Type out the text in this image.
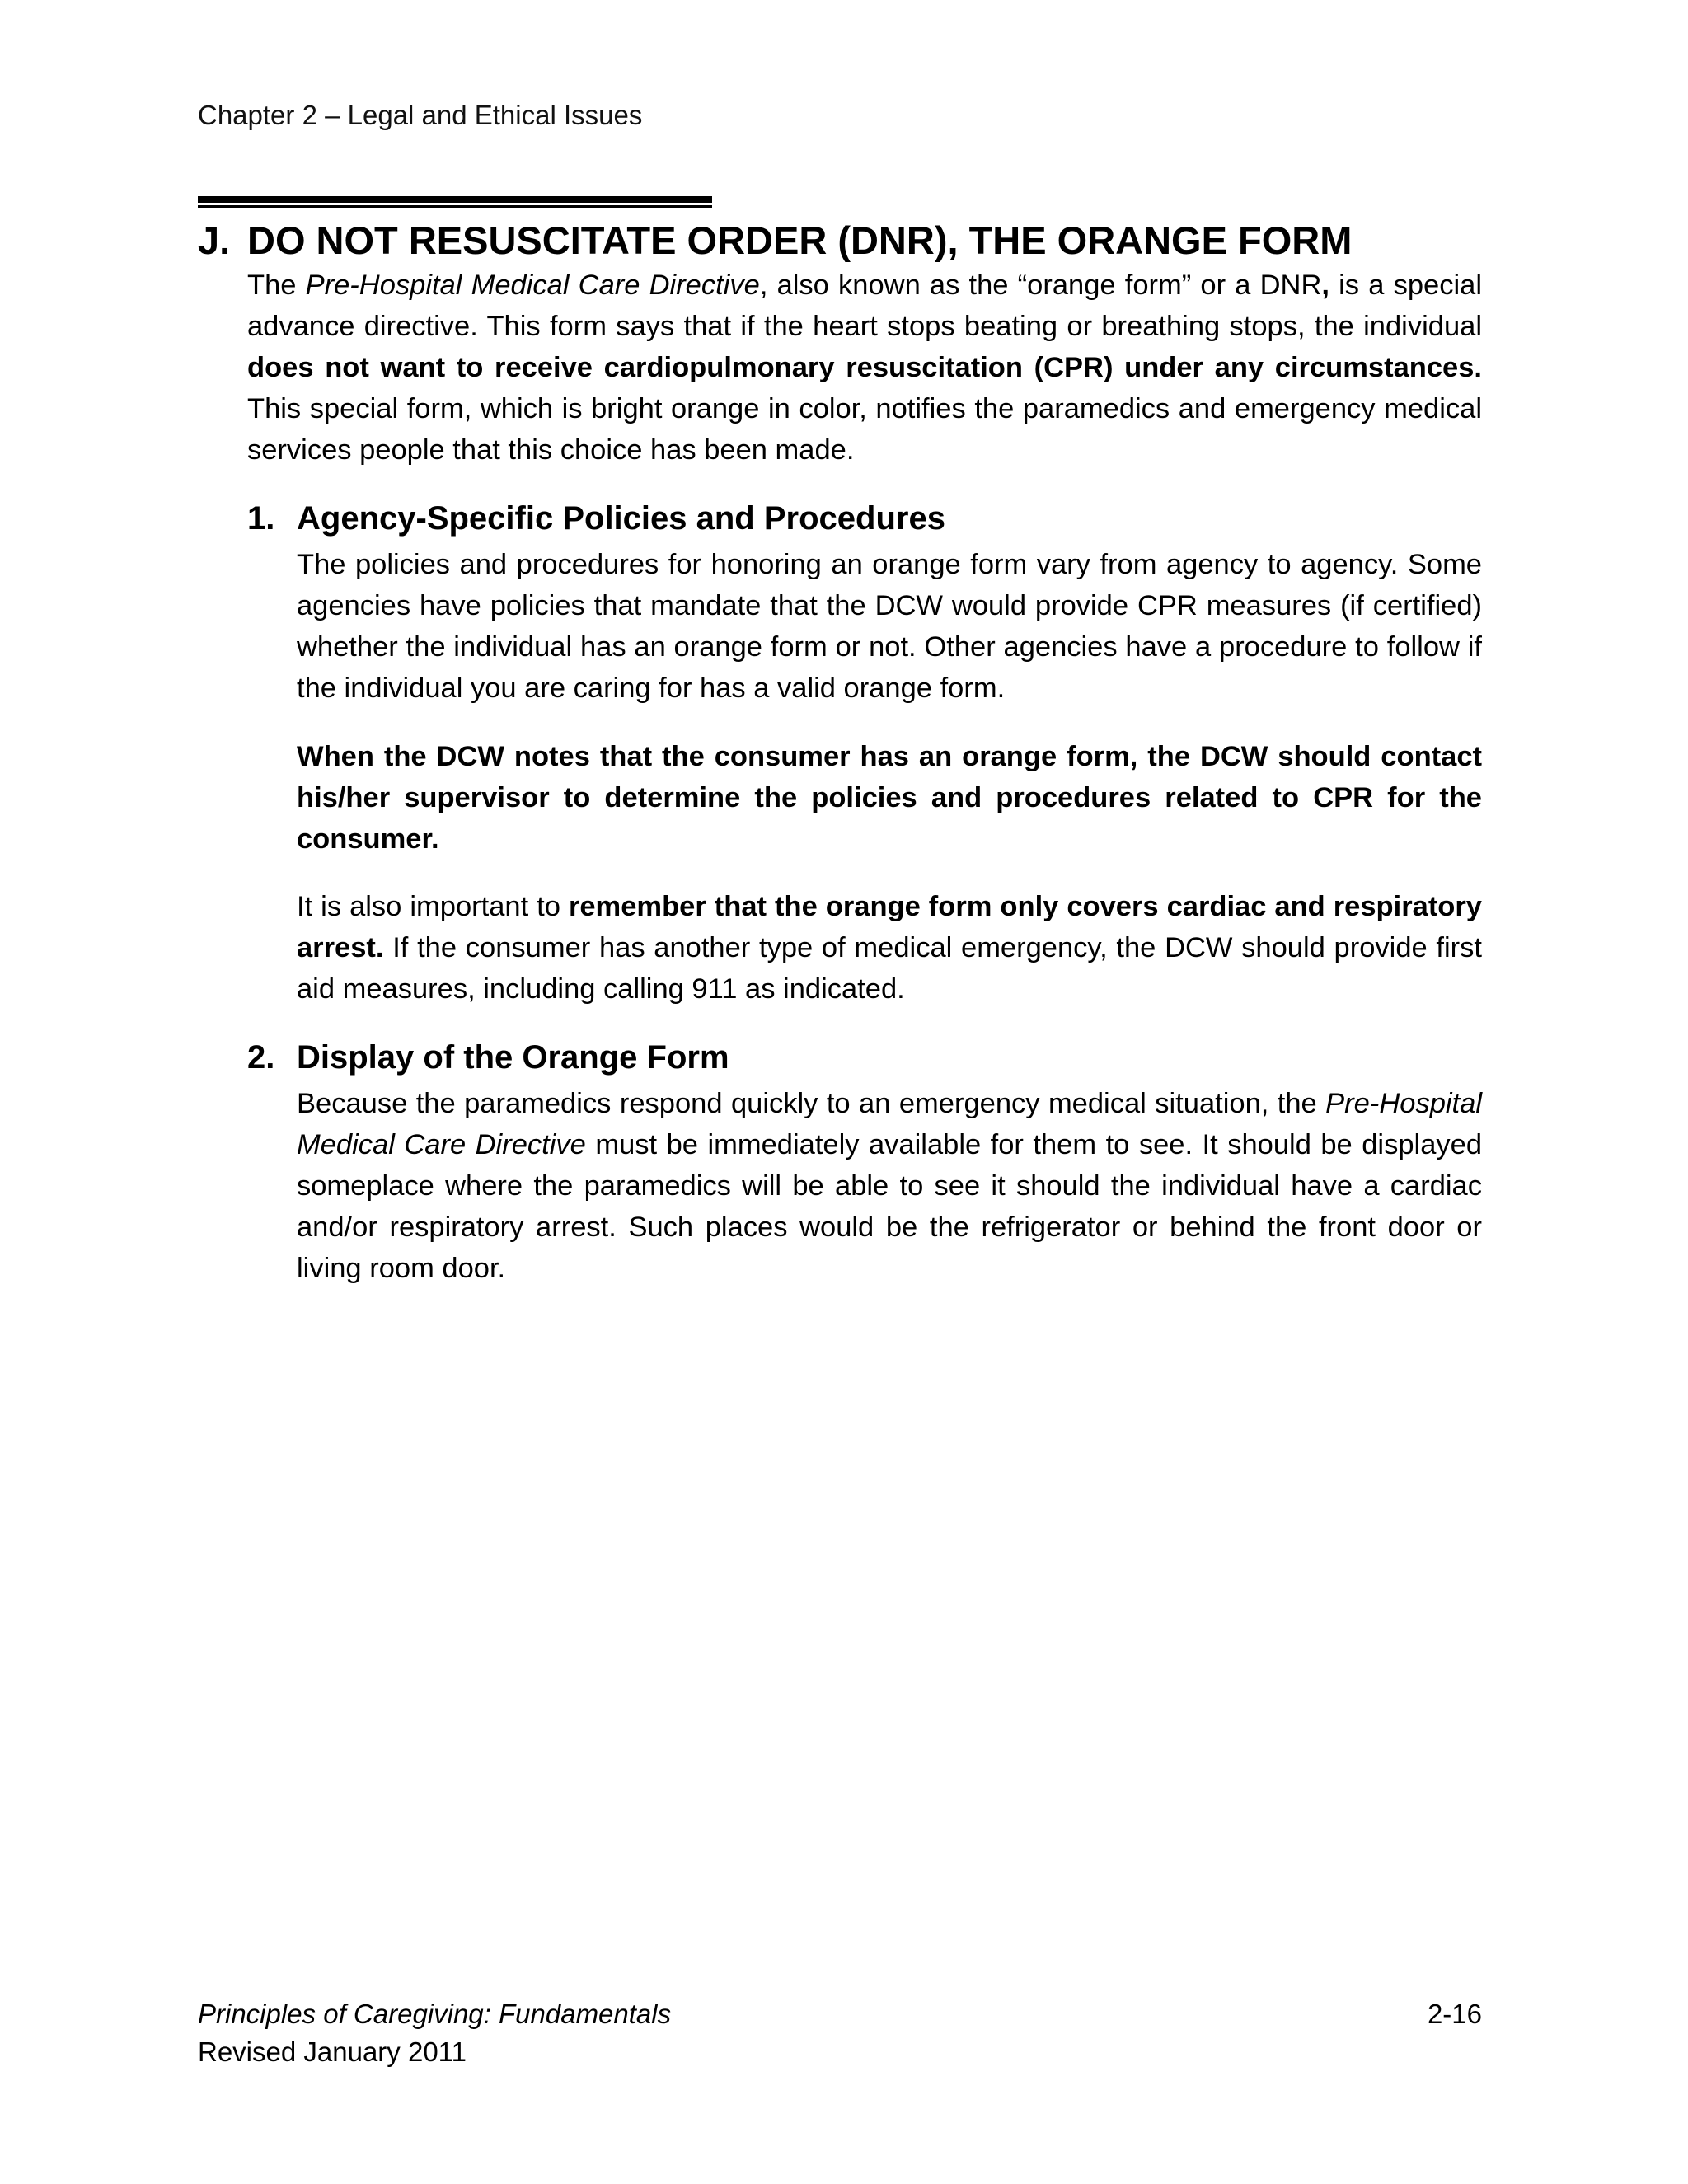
Chapter 2 – Legal and Ethical Issues
J. DO NOT RESUSCITATE ORDER (DNR), THE ORANGE FORM

The Pre-Hospital Medical Care Directive, also known as the “orange form” or a DNR, is a special advance directive. This form says that if the heart stops beating or breathing stops, the individual does not want to receive cardiopulmonary resuscitation (CPR) under any circumstances. This special form, which is bright orange in color, notifies the paramedics and emergency medical services people that this choice has been made.

1. Agency-Specific Policies and Procedures

The policies and procedures for honoring an orange form vary from agency to agency. Some agencies have policies that mandate that the DCW would provide CPR measures (if certified) whether the individual has an orange form or not. Other agencies have a procedure to follow if the individual you are caring for has a valid orange form.

When the DCW notes that the consumer has an orange form, the DCW should contact his/her supervisor to determine the policies and procedures related to CPR for the consumer.

It is also important to remember that the orange form only covers cardiac and respiratory arrest. If the consumer has another type of medical emergency, the DCW should provide first aid measures, including calling 911 as indicated.

2. Display of the Orange Form

Because the paramedics respond quickly to an emergency medical situation, the Pre-Hospital Medical Care Directive must be immediately available for them to see. It should be displayed someplace where the paramedics will be able to see it should the individual have a cardiac and/or respiratory arrest. Such places would be the refrigerator or behind the front door or living room door.

Principles of Caregiving: Fundamentals	2-16
Revised January 2011
